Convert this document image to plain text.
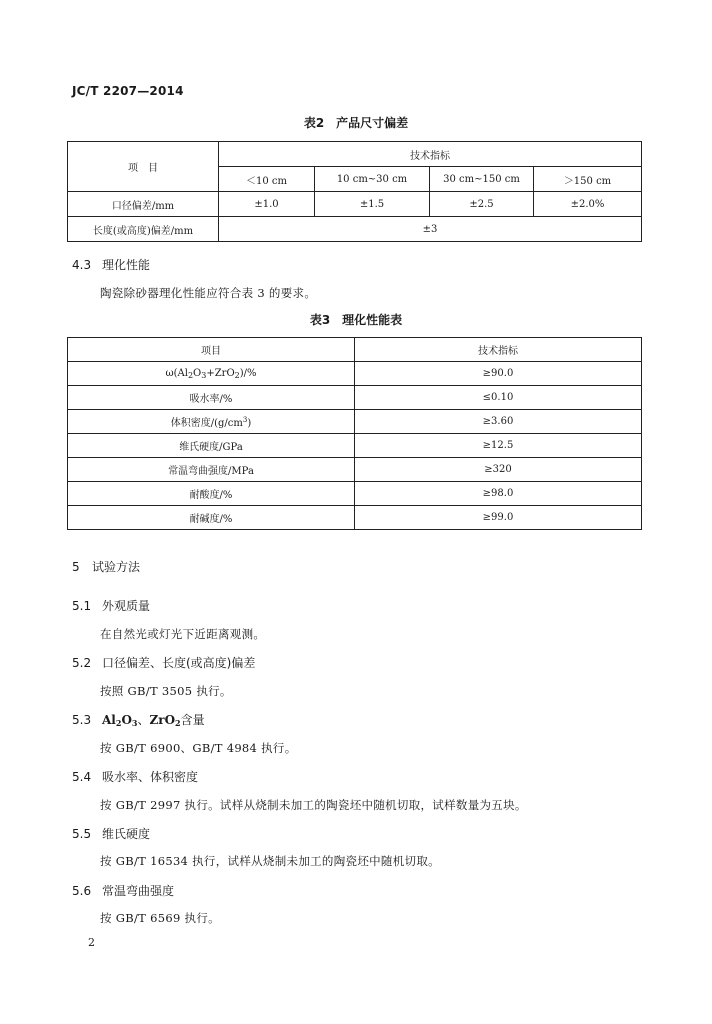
JC/T 2207—2014
表2　产品尺寸偏差
项　目	技术指标			
	＜10 cm	10 cm~30 cm	30 cm~150 cm	＞150 cm
口径偏差/mm	±1.0	±1.5	±2.5	±2.0%
长度(或高度)偏差/mm	±3			
4.3 理化性能
陶瓷除砂器理化性能应符合表 3 的要求。
表3　理化性能表
项目	技术指标
$\omega(Al_2O_3+ZrO_2)/\%$	≥90.0
吸水率/%	≤0.10
体积密度$/(g/cm^3)$	≥3.60
维氏硬度/GPa	≥12.5
常温弯曲强度/MPa	≥320
耐酸度/%	≥98.0
耐碱度/%	≥99.0
5 试验方法
5.1 外观质量
在自然光或灯光下近距离观测。
5.2 口径偏差、长度(或高度)偏差
按照 GB/T 3505 执行。
5.3 $Al_2O_3$、ZrO$_2$含量
按 GB/T 6900、GB/T 4984 执行。
5.4 吸水率、体积密度
按 GB/T 2997 执行。试样从烧制未加工的陶瓷坯中随机切取，试样数量为五块。
5.5 维氏硬度
按 GB/T 16534 执行，试样从烧制未加工的陶瓷坯中随机切取。
5.6 常温弯曲强度
按 GB/T 6569 执行。
2
